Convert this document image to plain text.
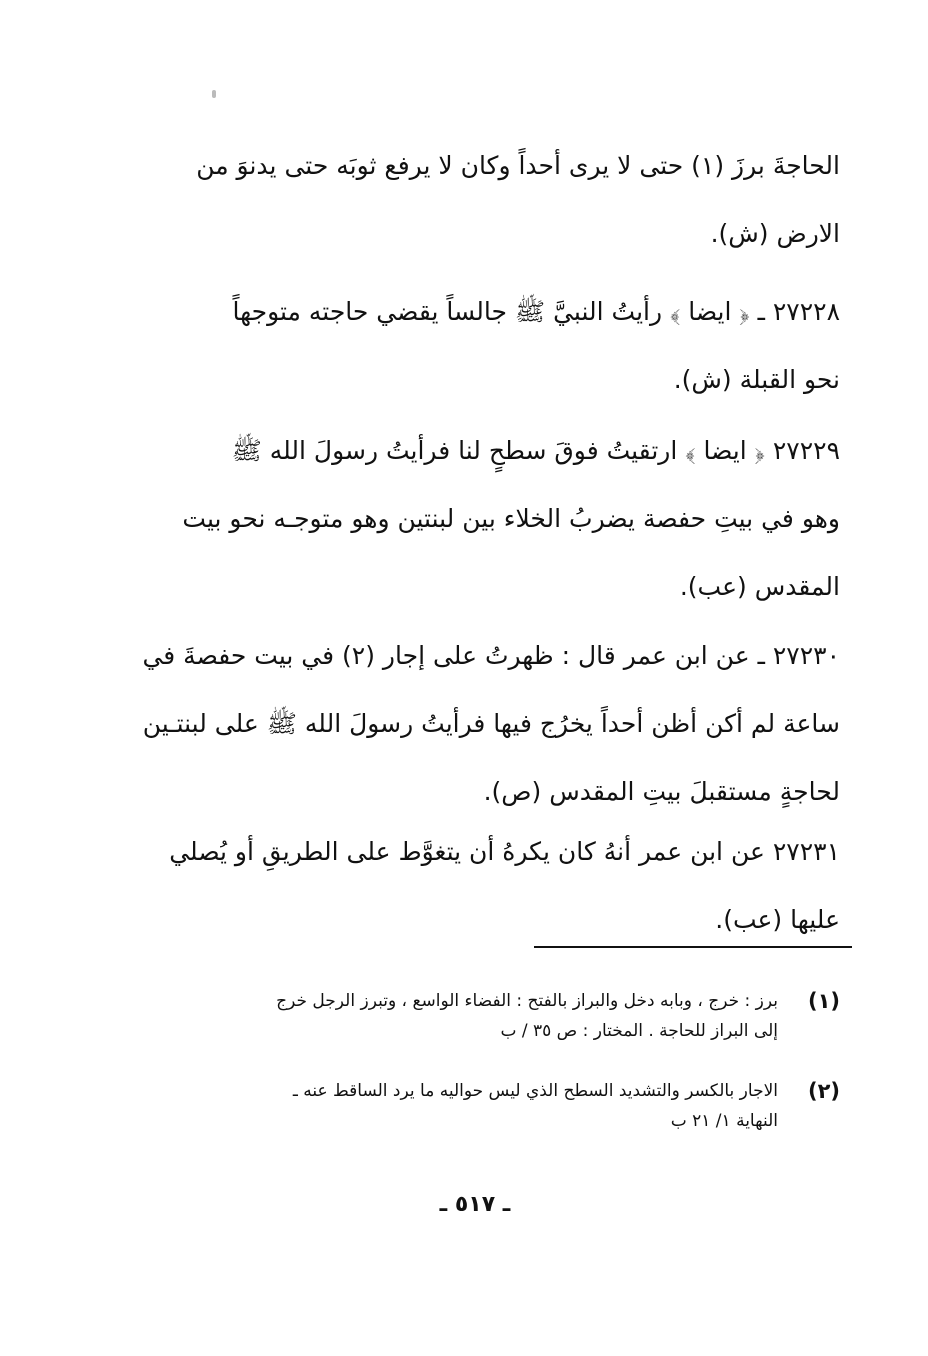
الحاجةَ برزَ (١) حتى لا يرى أحداً وكان لا يرفع ثوبَه حتى يدنوَ من
الارض (ش).
٢٧٢٢٨ ـ ﴿ ايضا ﴾ رأيتُ النبيَّ ﷺ جالساً يقضي حاجته متوجهاً
نحو القبلة (ش).
٢٧٢٢٩ ﴿ ايضا ﴾ ارتقيتُ فوقَ سطحٍ لنا فرأيتُ رسولَ الله ﷺ
وهو في بيتِ حفصة يضربُ الخلاء بين لبنتين وهو متوجـه نحو بيت
المقدس (عب).
٢٧٢٣٠ ـ عن ابن عمر قال : ظهرتُ على إجار (٢) في بيت حفصةَ في
ساعة لم أكن أظن أحداً يخرُج فيها فرأيتُ رسولَ الله ﷺ على لبنتـين
لحاجةٍ مستقبلَ بيتِ المقدس (ص).
٢٧٢٣١ عن ابن عمر أنهُ كان يكرهُ أن يتغوَّط على الطريقِ أو يُصلي
عليها (عب).
(١)
برز : خرج ، وبابه دخل والبراز بالفتح : الفضاء الواسع ، وتبرز الرجل خرج
إلى البراز للحاجة . المختار : ص ٣٥ / ب
(٢)
الاجار بالكسر والتشديد السطح الذي ليس حواليه ما يرد الساقط عنه ـ
النهاية ١/ ٢١ ب
ـ ٥١٧ ـ
